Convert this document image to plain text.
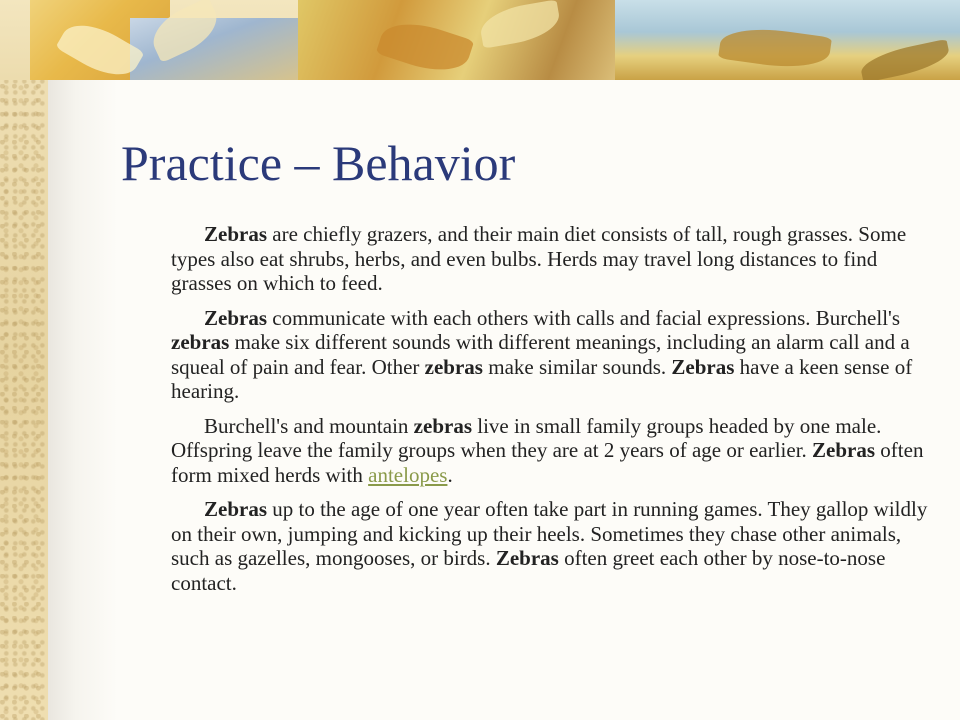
Practice – Behavior

Zebras are chiefly grazers, and their main diet consists of tall, rough grasses. Some types also eat shrubs, herbs, and even bulbs. Herds may travel long distances to find grasses on which to feed.

Zebras communicate with each others with calls and facial expressions. Burchell's zebras make six different sounds with different meanings, including an alarm call and a squeal of pain and fear. Other zebras make similar sounds. Zebras have a keen sense of hearing.

Burchell's and mountain zebras live in small family groups headed by one male. Offspring leave the family groups when they are at 2 years of age or earlier. Zebras often form mixed herds with antelopes.

Zebras up to the age of one year often take part in running games. They gallop wildly on their own, jumping and kicking up their heels. Sometimes they chase other animals, such as gazelles, mongooses, or birds. Zebras often greet each other by nose-to-nose contact.
